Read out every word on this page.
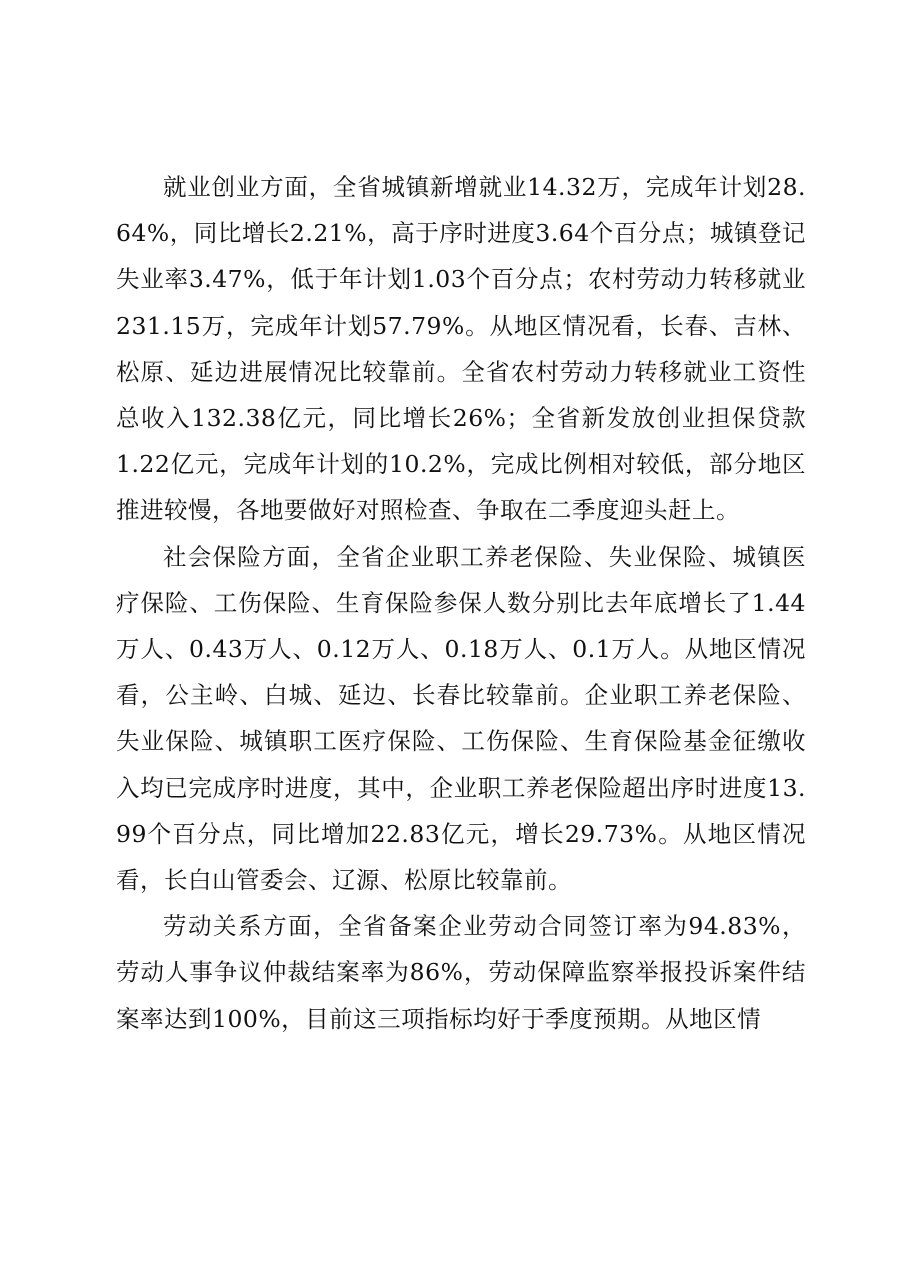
就业创业方面，全省城镇新增就业14.32万，完成年计划28.64%，同比增长2.21%，高于序时进度3.64个百分点；城镇登记失业率3.47%，低于年计划1.03个百分点；农村劳动力转移就业231.15万，完成年计划57.79%。从地区情况看，长春、吉林、松原、延边进展情况比较靠前。全省农村劳动力转移就业工资性总收入132.38亿元，同比增长26%；全省新发放创业担保贷款1.22亿元，完成年计划的10.2%，完成比例相对较低，部分地区推进较慢，各地要做好对照检查、争取在二季度迎头赶上。

社会保险方面，全省企业职工养老保险、失业保险、城镇医疗保险、工伤保险、生育保险参保人数分别比去年底增长了1.44万人、0.43万人、0.12万人、0.18万人、0.1万人。从地区情况看，公主岭、白城、延边、长春比较靠前。企业职工养老保险、失业保险、城镇职工医疗保险、工伤保险、生育保险基金征缴收入均已完成序时进度，其中，企业职工养老保险超出序时进度13.99个百分点，同比增加22.83亿元，增长29.73%。从地区情况看，长白山管委会、辽源、松原比较靠前。

劳动关系方面，全省备案企业劳动合同签订率为94.83%，劳动人事争议仲裁结案率为86%，劳动保障监察举报投诉案件结案率达到100%，目前这三项指标均好于季度预期。从地区情
